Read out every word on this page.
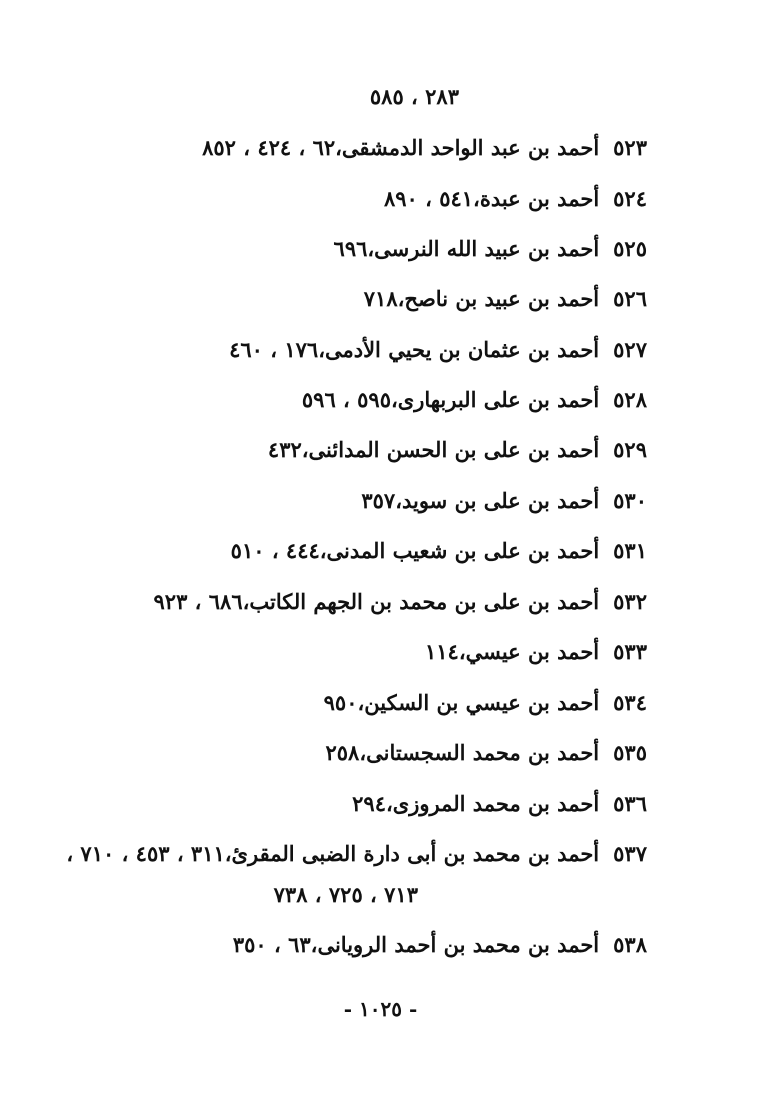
٢٨٣ ، ٥٨٥
٥٢٣أحمد بن عبد الواحد الدمشقى،٦٢ ، ٤٢٤ ، ٨٥٢
٥٢٤أحمد بن عبدة،٥٤١ ، ٨٩٠
٥٢٥أحمد بن عبيد الله النرسى،٦٩٦
٥٢٦أحمد بن عبيد بن ناصح،٧١٨
٥٢٧أحمد بن عثمان بن يحيي الأدمى،١٧٦ ، ٤٦٠
٥٢٨أحمد بن على البربهارى،٥٩٥ ، ٥٩٦
٥٢٩أحمد بن على بن الحسن المدائنى،٤٣٢
٥٣٠أحمد بن على بن سويد،٣٥٧
٥٣١أحمد بن على بن شعيب المدنى،٤٤٤ ، ٥١٠
٥٣٢أحمد بن على بن محمد بن الجهم الكاتب،٦٨٦ ، ٩٢٣
٥٣٣أحمد بن عيسي،١١٤
٥٣٤أحمد بن عيسي بن السكين،٩٥٠
٥٣٥أحمد بن محمد السجستانى،٢٥٨
٥٣٦أحمد بن محمد المروزى،٢٩٤
٥٣٧أحمد بن محمد بن أبى دارة الضبى المقرئ،٣١١ ، ٤٥٣ ، ٧١٠ ،
٧١٣ ، ٧٢٥ ، ٧٣٨
٥٣٨أحمد بن محمد بن أحمد الرويانى،٦٣ ، ٣٥٠
- ١٠٢٥ -
